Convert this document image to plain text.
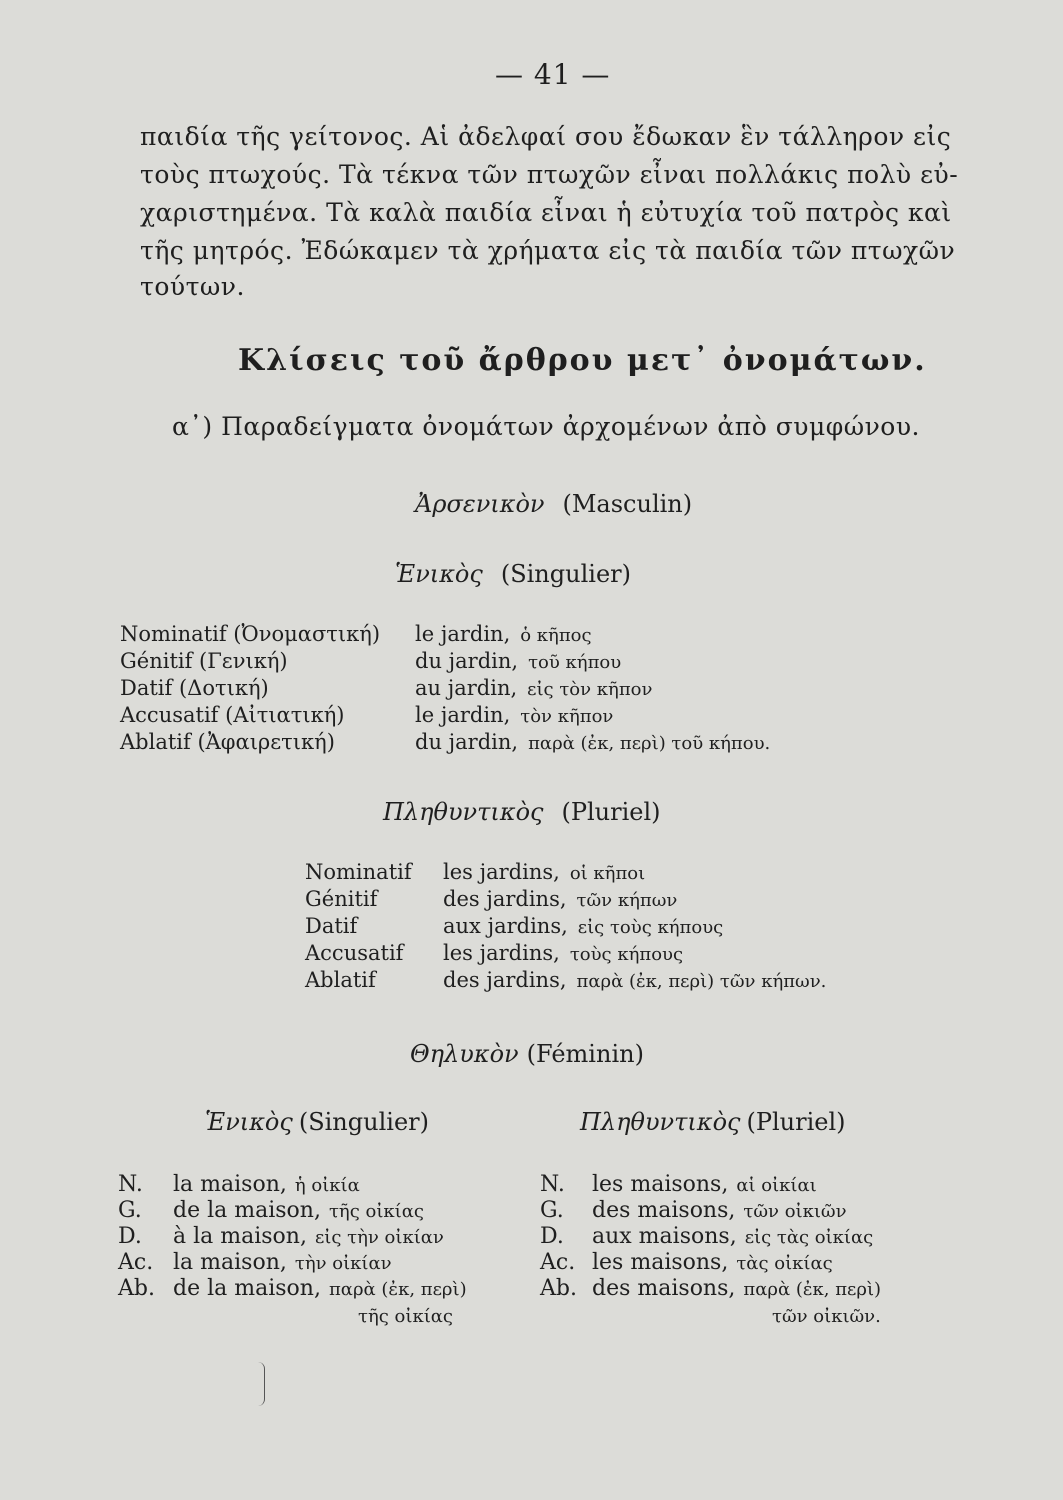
— 41 —
παιδία τῆς γείτονος. Αἱ ἀδελφαί σου ἔδωκαν ἓν τάλληρον εἰς
τοὺς πτωχούς. Τὰ τέκνα τῶν πτωχῶν εἶναι πολλάκις πολὺ εὐ-
χαριστημένα. Τὰ καλὰ παιδία εἶναι ἡ εὐτυχία τοῦ πατρὸς καὶ
τῆς μητρός. Ἐδώκαμεν τὰ χρήματα εἰς τὰ παιδία τῶν πτωχῶν
τούτων.
Κλίσεις τοῦ ἄρθρου μετ᾽ ὀνομάτων.
α᾽) Παραδείγματα ὀνομάτων ἀρχομένων ἀπὸ συμφώνου.
Ἀρσενικὸν (Masculin)
Ἑνικὸς (Singulier)
Nominatif (Ὀνομαστική) le jardin, ὁ κῆπος
Génitif (Γενική)	du jardin, τοῦ κήπου
Datif (Δοτική)	au jardin, εἰς τὸν κῆπον
Accusatif (Αἰτιατική)	le jardin, τὸν κῆπον
Ablatif (Ἀφαιρετική)	du jardin, παρὰ (ἐκ, περὶ) τοῦ κήπου.
Πληθυντικὸς (Pluriel)
Nominatif les jardins, οἱ κῆποι
Génitif	des jardins, τῶν κήπων
Datif	aux jardins, εἰς τοὺς κήπους
Accusatif les jardins, τοὺς κήπους
Ablatif	des jardins, παρὰ (ἐκ, περὶ) τῶν κήπων.
Θηλυκὸν (Féminin)
Ἑνικὸς (Singulier)	Πληθυντικὸς (Pluriel)
N. la maison, ἡ οἰκία
G. de la maison, τῆς οἰκίας
D. à la maison, εἰς τὴν οἰκίαν
Ac. la maison, τὴν οἰκίαν
Ab. de la maison, παρὰ (ἐκ, περὶ)
τῆς οἰκίας
N. les maisons, αἱ οἰκίαι
G. des maisons, τῶν οἰκιῶν
D. aux maisons, εἰς τὰς οἰκίας
Ac. les maisons, τὰς οἰκίας
Ab. des maisons, παρὰ (ἐκ, περὶ)
τῶν οἰκιῶν.
